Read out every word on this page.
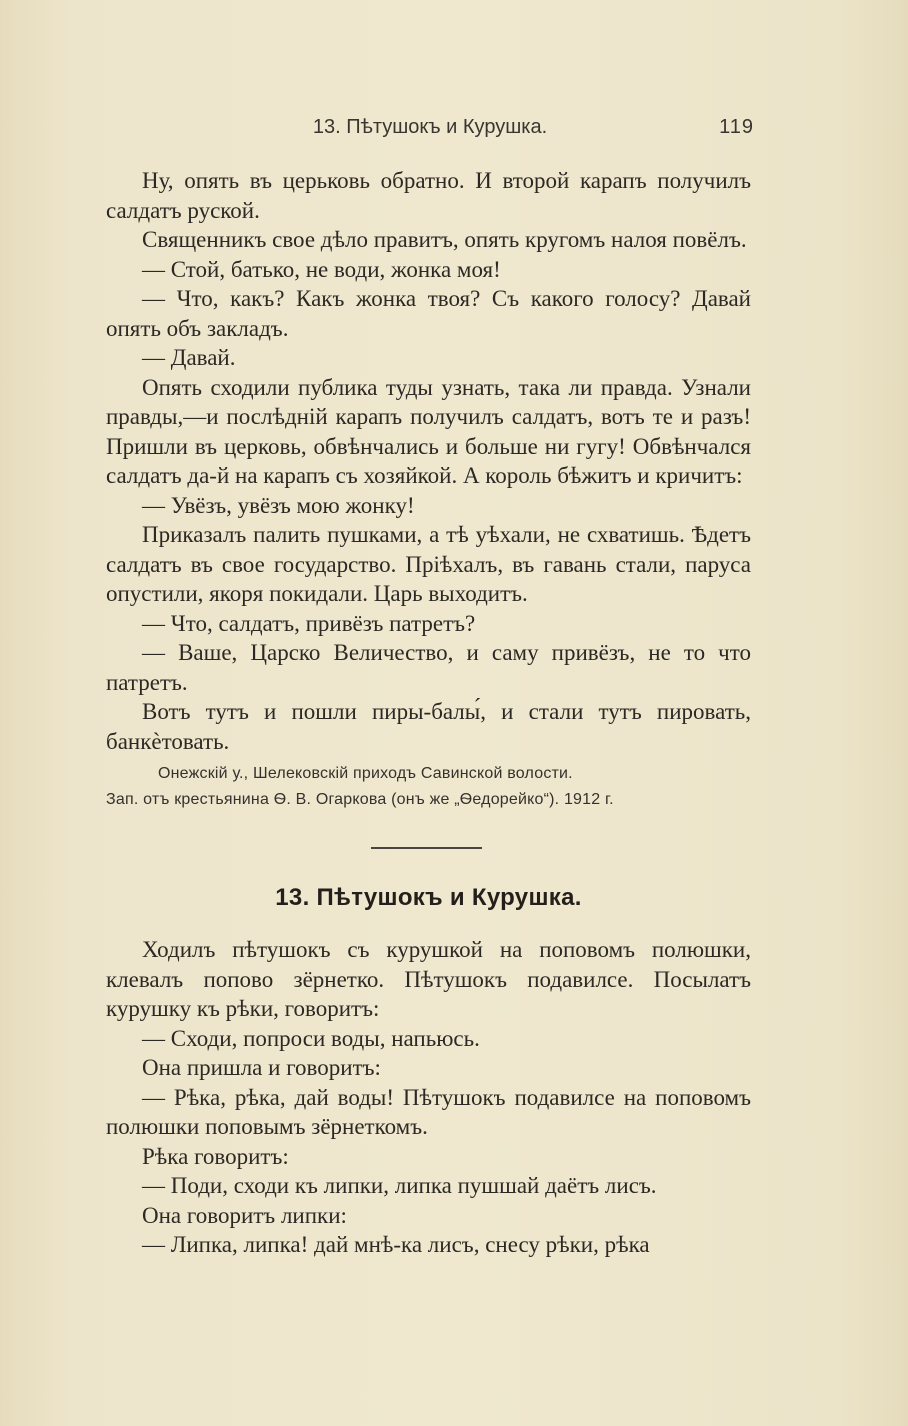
13. Пѣтушокъ и Курушка.	119

Ну, опять въ церьковь обратно. И второй карапъ получилъ салдатъ руской.

Священникъ свое дѣло правитъ, опять кругомъ налоя повёлъ.

— Стой, батько, не води, жонка моя!

— Что, какъ? Какъ жонка твоя? Съ какого голосу? Давай опять объ закладъ.

— Давай.

Опять сходили публика туды узнать, така ли правда. Узнали правды,—и послѣднiй карапъ получилъ салдатъ, вотъ те и разъ! Пришли въ церковь, обвѣнчались и больше ни гугу! Обвѣнчался салдатъ да-й на карапъ съ хозяйкой. А король бѣжитъ и кричитъ:

— Увёзъ, увёзъ мою жонку!

Приказалъ палить пушками, а тѣ уѣхали, не схватишь. Ѣдетъ салдатъ въ свое государство. Прiѣхалъ, въ гавань стали, паруса опустили, якоря покидали. Царь выходитъ.

— Что, салдатъ, привёзъ патретъ?

— Ваше, Царско Величество, и саму привёзъ, не то что патретъ.

Вотъ тутъ и пошли пиры-балы́, и стали тутъ пировать, банкѐтовать.

Онежскiй у., Шелековскiй приходъ Савинской волости.
Зап. отъ крестьянина Ѳ. В. Огаркова (онъ же „Ѳедорейко“). 1912 г.
13. Пѣтушокъ и Курушка.

Ходилъ пѣтушокъ съ курушкой на поповомъ полюшки, клевалъ попово зёрнетко. Пѣтушокъ подавилсе. Посылатъ курушку къ рѣки, говоритъ:

— Сходи, попроси воды, напьюсь.

Она пришла и говоритъ:

— Рѣка, рѣка, дай воды! Пѣтушокъ подавилсе на поповомъ полюшки поповымъ зёрнеткомъ.

Рѣка говоритъ:

— Поди, сходи къ липки, липка пушшай даётъ лисъ.

Она говоритъ липки:

— Липка, липка! дай мнѣ-ка лисъ, снесу рѣки, рѣка
